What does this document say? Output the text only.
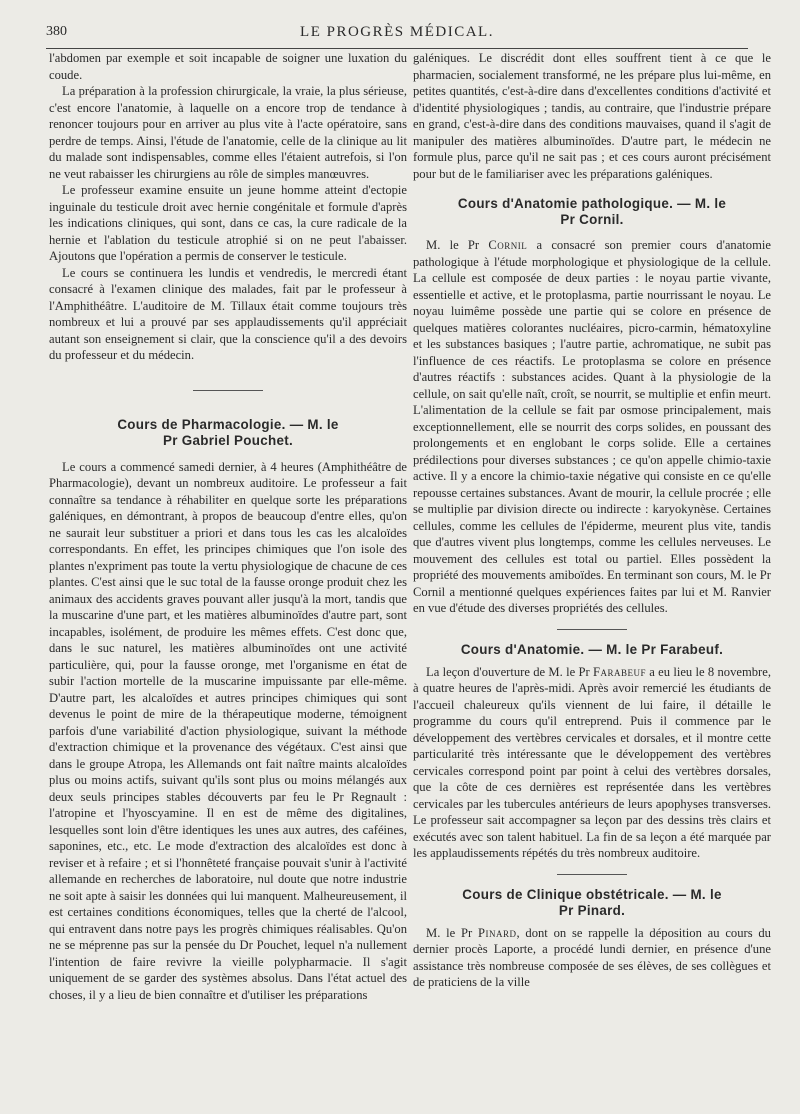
380	LE PROGRÈS MÉDICAL.

l'abdomen par exemple et soit incapable de soigner une luxation du coude.

La préparation à la profession chirurgicale, la vraie, la plus sérieuse, c'est encore l'anatomie, à laquelle on a encore trop de tendance à renoncer toujours pour en arriver au plus vite à l'acte opératoire, sans perdre de temps. Ainsi, l'étude de l'anatomie, celle de la clinique au lit du malade sont indispensables, comme elles l'étaient autrefois, si l'on ne veut rabaisser les chirurgiens au rôle de simples manœuvres.

Le professeur examine ensuite un jeune homme atteint d'ectopie inguinale du testicule droit avec hernie congénitale et formule d'après les indications cliniques, qui sont, dans ce cas, la cure radicale de la hernie et l'ablation du testicule atrophié si on ne peut l'abaisser. Ajoutons que l'opération a permis de conserver le testicule.

Le cours se continuera les lundis et vendredis, le mercredi étant consacré à l'examen clinique des malades, fait par le professeur à l'Amphithéâtre. L'auditoire de M. Tillaux était comme toujours très nombreux et lui a prouvé par ses applaudissements qu'il appréciait autant son enseignement si clair, que la conscience qu'il a des devoirs du professeur et du médecin.

Cours de Pharmacologie. — M. le
Pr Gabriel Pouchet.

Le cours a commencé samedi dernier, à 4 heures (Amphithéâtre de Pharmacologie), devant un nombreux auditoire. Le professeur a fait connaître sa tendance à réhabiliter en quelque sorte les préparations galéniques, en démontrant, à propos de beaucoup d'entre elles, qu'on ne saurait leur substituer a priori et dans tous les cas les alcaloïdes correspondants. En effet, les principes chimiques que l'on isole des plantes n'expriment pas toute la vertu physiologique de chacune de ces plantes. C'est ainsi que le suc total de la fausse oronge produit chez les animaux des accidents graves pouvant aller jusqu'à la mort, tandis que la muscarine d'une part, et les matières albuminoïdes d'autre part, sont incapables, isolément, de produire les mêmes effets. C'est donc que, dans le suc naturel, les matières albuminoïdes ont une activité particulière, qui, pour la fausse oronge, met l'organisme en état de subir l'action mortelle de la muscarine impuissante par elle-même. D'autre part, les alcaloïdes et autres principes chimiques qui sont devenus le point de mire de la thérapeutique moderne, témoignent parfois d'une variabilité d'action physiologique, suivant la méthode d'extraction chimique et la provenance des végétaux. C'est ainsi que dans le groupe Atropa, les Allemands ont fait naître maints alcaloïdes plus ou moins actifs, suivant qu'ils sont plus ou moins mélangés aux deux seuls principes stables découverts par feu le Pr Regnault : l'atropine et l'hyoscyamine. Il en est de même des digitalines, lesquelles sont loin d'être identiques les unes aux autres, des caféines, saponines, etc., etc. Le mode d'extraction des alcaloïdes est donc à reviser et à refaire ; et si l'honnêteté française pouvait s'unir à l'activité allemande en recherches de laboratoire, nul doute que notre industrie ne soit apte à saisir les données qui lui manquent. Malheureusement, il est certaines conditions économiques, telles que la cherté de l'alcool, qui entravent dans notre pays les progrès chimiques réalisables. Qu'on ne se méprenne pas sur la pensée du Dr Pouchet, lequel n'a nullement l'intention de faire revivre la vieille polypharmacie. Il s'agit uniquement de se garder des systèmes absolus. Dans l'état actuel des choses, il y a lieu de bien connaître et d'utiliser les préparations

galéniques. Le discrédit dont elles souffrent tient à ce que le pharmacien, socialement transformé, ne les prépare plus lui-même, en petites quantités, c'est-à-dire dans d'excellentes conditions d'activité et d'identité physiologiques ; tandis, au contraire, que l'industrie prépare en grand, c'est-à-dire dans des conditions mauvaises, quand il s'agit de manipuler des matières albuminoïdes. D'autre part, le médecin ne formule plus, parce qu'il ne sait pas ; et ces cours auront précisément pour but de le familiariser avec les préparations galéniques.

Cours d'Anatomie pathologique. — M. le
Pr Cornil.

M. le Pr Cornil a consacré son premier cours d'anatomie pathologique à l'étude morphologique et physiologique de la cellule. La cellule est composée de deux parties : le noyau partie vivante, essentielle et active, et le protoplasma, partie nourrissant le noyau. Le noyau luimême possède une partie qui se colore en présence de quelques matières colorantes nucléaires, picro-carmin, hématoxyline et les substances basiques ; l'autre partie, achromatique, ne subit pas l'influence de ces réactifs. Le protoplasma se colore en présence d'autres réactifs : substances acides. Quant à la physiologie de la cellule, on sait qu'elle naît, croît, se nourrit, se multiplie et enfin meurt. L'alimentation de la cellule se fait par osmose principalement, mais exceptionnellement, elle se nourrit des corps solides, en poussant des prolongements et en englobant le corps solide. Elle a certaines prédilections pour diverses substances ; ce qu'on appelle chimio-taxie active. Il y a encore la chimio-taxie négative qui consiste en ce qu'elle repousse certaines substances. Avant de mourir, la cellule procrée ; elle se multiplie par division directe ou indirecte : karyokynèse. Certaines cellules, comme les cellules de l'épiderme, meurent plus vite, tandis que d'autres vivent plus longtemps, comme les cellules nerveuses. Le mouvement des cellules est total ou partiel. Elles possèdent la propriété des mouvements amiboïdes. En terminant son cours, M. le Pr Cornil a mentionné quelques expériences faites par lui et M. Ranvier en vue d'étude des diverses propriétés des cellules.

Cours d'Anatomie. — M. le Pr Farabeuf.

La leçon d'ouverture de M. le Pr Farabeuf a eu lieu le 8 novembre, à quatre heures de l'après-midi. Après avoir remercié les étudiants de l'accueil chaleureux qu'ils viennent de lui faire, il détaille le programme du cours qu'il entreprend. Puis il commence par le développement des vertèbres cervicales et dorsales, et il montre cette particularité très intéressante que le développement des vertèbres cervicales correspond point par point à celui des vertèbres dorsales, que la côte de ces dernières est représentée dans les vertèbres cervicales par les tubercules antérieurs de leurs apophyses transverses. Le professeur sait accompagner sa leçon par des dessins très clairs et exécutés avec son talent habituel. La fin de sa leçon a été marquée par les applaudissements répétés du très nombreux auditoire.

Cours de Clinique obstétricale. — M. le
Pr Pinard.

M. le Pr Pinard, dont on se rappelle la déposition au cours du dernier procès Laporte, a procédé lundi dernier, en présence d'une assistance très nombreuse composée de ses élèves, de ses collègues et de praticiens de la ville
